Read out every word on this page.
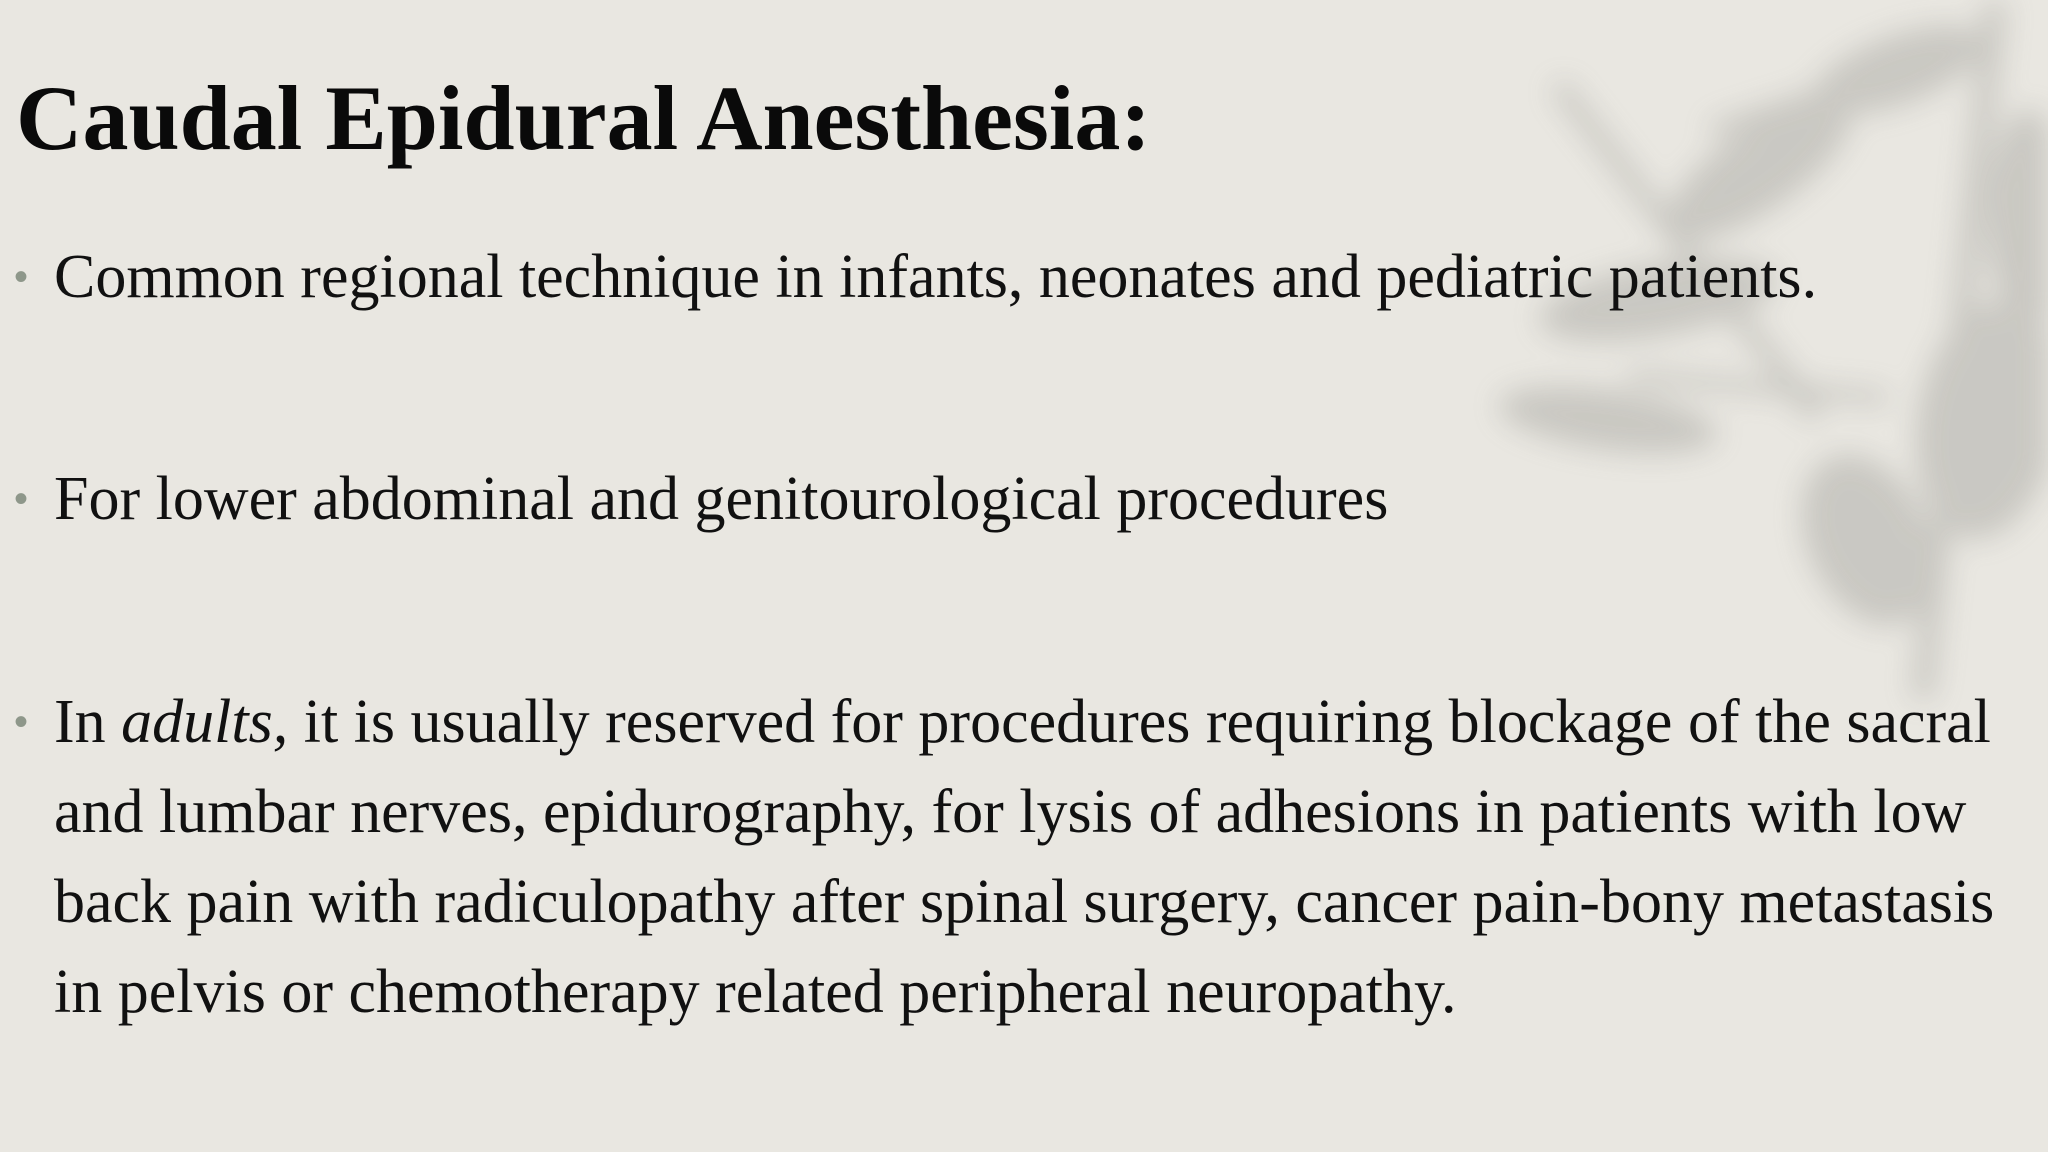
Caudal Epidural Anesthesia:
• Common regional technique in infants, neonates and pediatric patients.
• For lower abdominal and genitourological procedures
• In adults, it is usually reserved for procedures requiring blockage of the sacral and lumbar nerves, epidurography, for lysis of adhesions in patients with low back pain with radiculopathy after spinal surgery, cancer pain-bony metastasis in pelvis or chemotherapy related peripheral neuropathy.
